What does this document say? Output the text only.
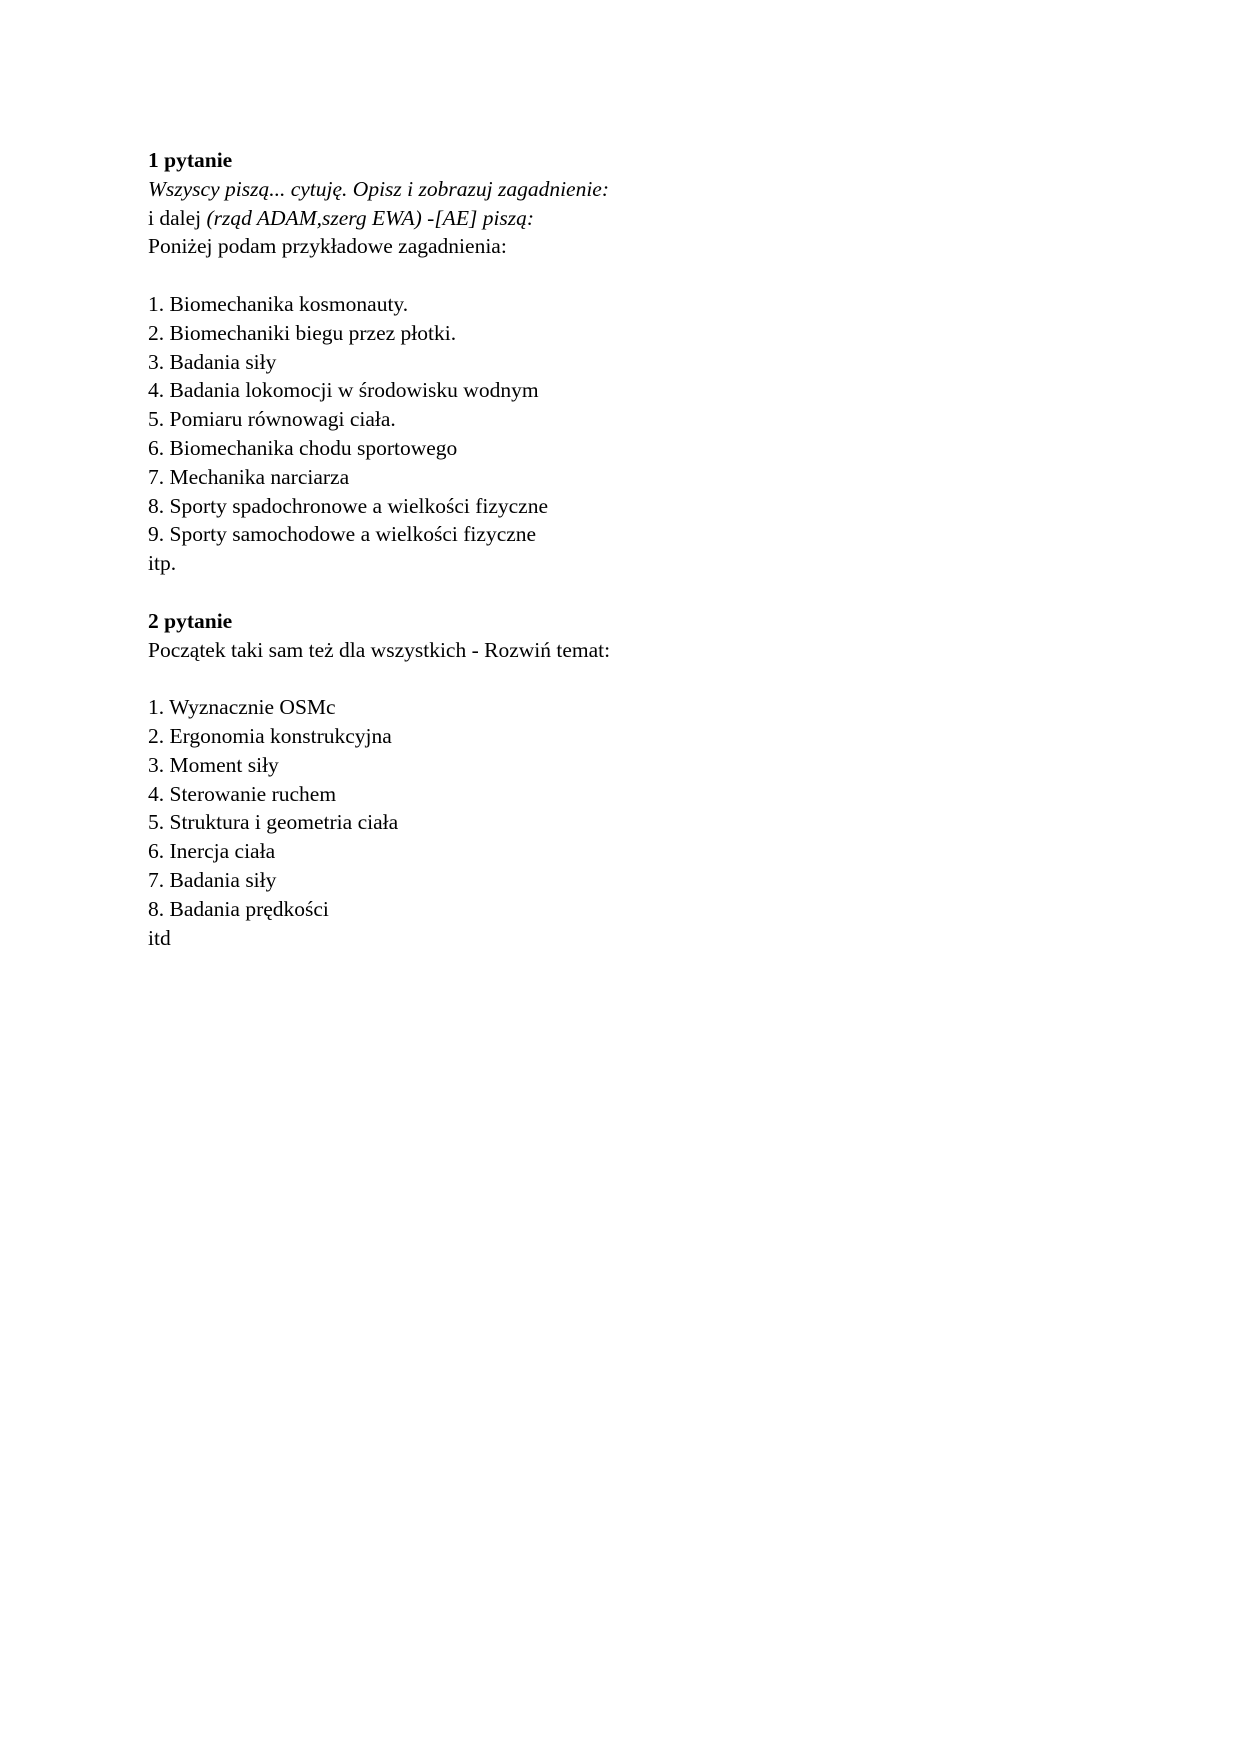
1 pytanie

Wszyscy piszą... cytuję. Opisz i zobrazuj zagadnienie:

i dalej (rząd ADAM,szerg EWA) -[AE] piszą:

Poniżej podam przykładowe zagadnienia:

1. Biomechanika kosmonauty.
2. Biomechaniki biegu przez płotki.
3. Badania siły
4. Badania lokomocji w środowisku wodnym
5. Pomiaru równowagi ciała.
6. Biomechanika chodu sportowego
7. Mechanika narciarza
8. Sporty spadochronowe a wielkości fizyczne
9. Sporty samochodowe a wielkości fizyczne

itp.

2 pytanie

Początek taki sam też dla wszystkich - Rozwiń temat:

1. Wyznacznie OSMc
2. Ergonomia konstrukcyjna
3. Moment siły
4. Sterowanie ruchem
5. Struktura i geometria ciała
6. Inercja ciała
7. Badania siły
8. Badania prędkości

itd
